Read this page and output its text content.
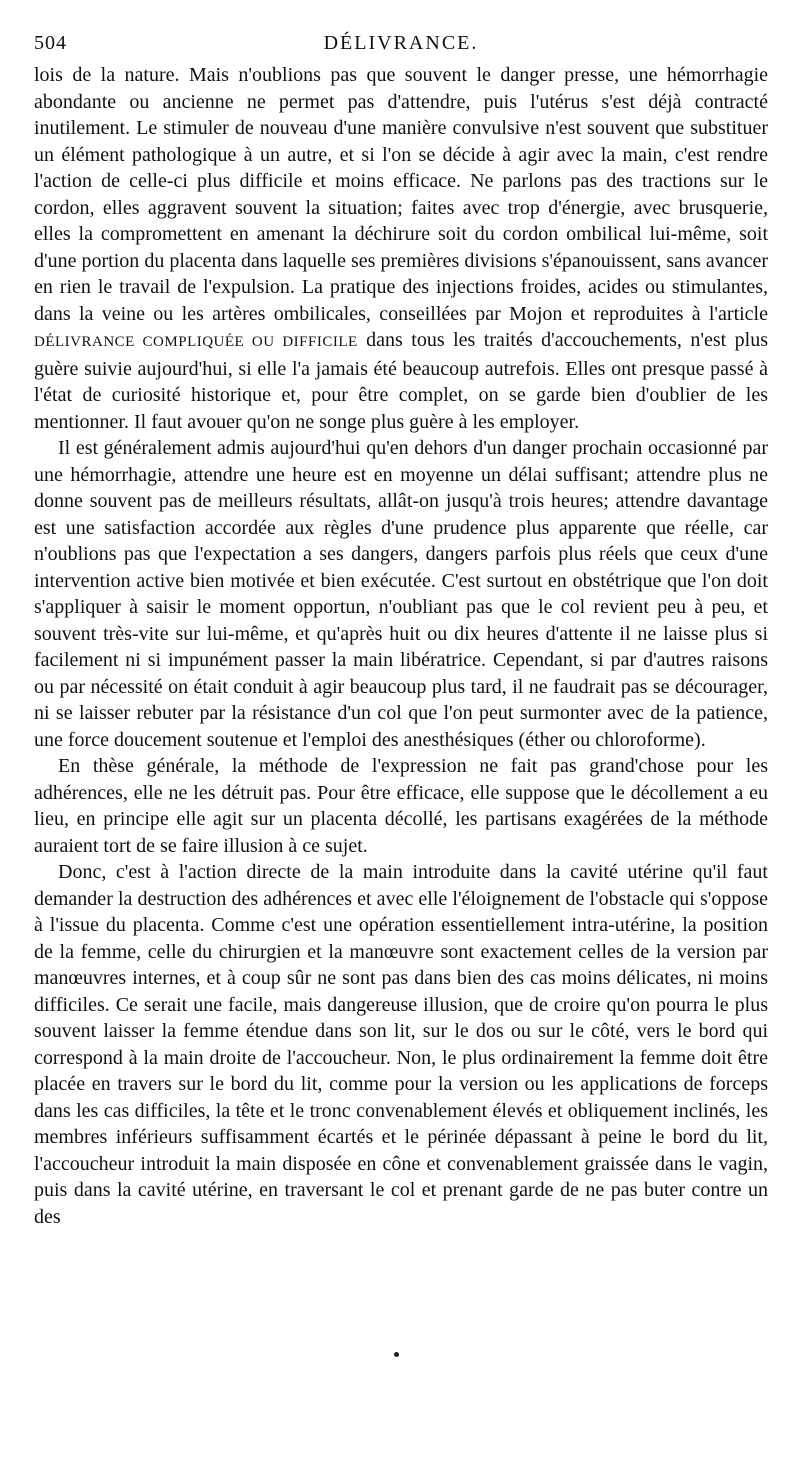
504	DÉLIVRANCE.

lois de la nature. Mais n'oublions pas que souvent le danger presse, une hémorrhagie abondante ou ancienne ne permet pas d'attendre, puis l'utérus s'est déjà contracté inutilement. Le stimuler de nouveau d'une manière convulsive n'est souvent que substituer un élément pathologique à un autre, et si l'on se décide à agir avec la main, c'est rendre l'action de celle-ci plus difficile et moins efficace. Ne parlons pas des tractions sur le cordon, elles aggravent souvent la situation; faites avec trop d'énergie, avec brusquerie, elles la compromettent en amenant la déchirure soit du cordon ombilical lui-même, soit d'une portion du placenta dans laquelle ses premières divisions s'épanouissent, sans avancer en rien le travail de l'expulsion. La pratique des injections froides, acides ou stimulantes, dans la veine ou les artères ombilicales, conseillées par Mojon et reproduites à l'article DÉLIVRANCE COMPLIQUÉE OU DIFFICILE dans tous les traités d'accouchements, n'est plus guère suivie aujourd'hui, si elle l'a jamais été beaucoup autrefois. Elles ont presque passé à l'état de curiosité historique et, pour être complet, on se garde bien d'oublier de les mentionner. Il faut avouer qu'on ne songe plus guère à les employer.

Il est généralement admis aujourd'hui qu'en dehors d'un danger prochain occasionné par une hémorrhagie, attendre une heure est en moyenne un délai suffisant; attendre plus ne donne souvent pas de meilleurs résultats, allât-on jusqu'à trois heures; attendre davantage est une satisfaction accordée aux règles d'une prudence plus apparente que réelle, car n'oublions pas que l'expectation a ses dangers, dangers parfois plus réels que ceux d'une intervention active bien motivée et bien exécutée. C'est surtout en obstétrique que l'on doit s'appliquer à saisir le moment opportun, n'oubliant pas que le col revient peu à peu, et souvent très-vite sur lui-même, et qu'après huit ou dix heures d'attente il ne laisse plus si facilement ni si impunément passer la main libératrice. Cependant, si par d'autres raisons ou par nécessité on était conduit à agir beaucoup plus tard, il ne faudrait pas se décourager, ni se laisser rebuter par la résistance d'un col que l'on peut surmonter avec de la patience, une force doucement soutenue et l'emploi des anesthésiques (éther ou chloroforme).

En thèse générale, la méthode de l'expression ne fait pas grand'chose pour les adhérences, elle ne les détruit pas. Pour être efficace, elle suppose que le décollement a eu lieu, en principe elle agit sur un placenta décollé, les partisans exagérées de la méthode auraient tort de se faire illusion à ce sujet.

Donc, c'est à l'action directe de la main introduite dans la cavité utérine qu'il faut demander la destruction des adhérences et avec elle l'éloignement de l'obstacle qui s'oppose à l'issue du placenta. Comme c'est une opération essentiellement intra-utérine, la position de la femme, celle du chirurgien et la manœuvre sont exactement celles de la version par manœuvres internes, et à coup sûr ne sont pas dans bien des cas moins délicates, ni moins difficiles. Ce serait une facile, mais dangereuse illusion, que de croire qu'on pourra le plus souvent laisser la femme étendue dans son lit, sur le dos ou sur le côté, vers le bord qui correspond à la main droite de l'accoucheur. Non, le plus ordinairement la femme doit être placée en travers sur le bord du lit, comme pour la version ou les applications de forceps dans les cas difficiles, la tête et le tronc convenablement élevés et obliquement inclinés, les membres inférieurs suffisamment écartés et le périnée dépassant à peine le bord du lit, l'accoucheur introduit la main disposée en cône et convenablement graissée dans le vagin, puis dans la cavité utérine, en traversant le col et prenant garde de ne pas buter contre un des
